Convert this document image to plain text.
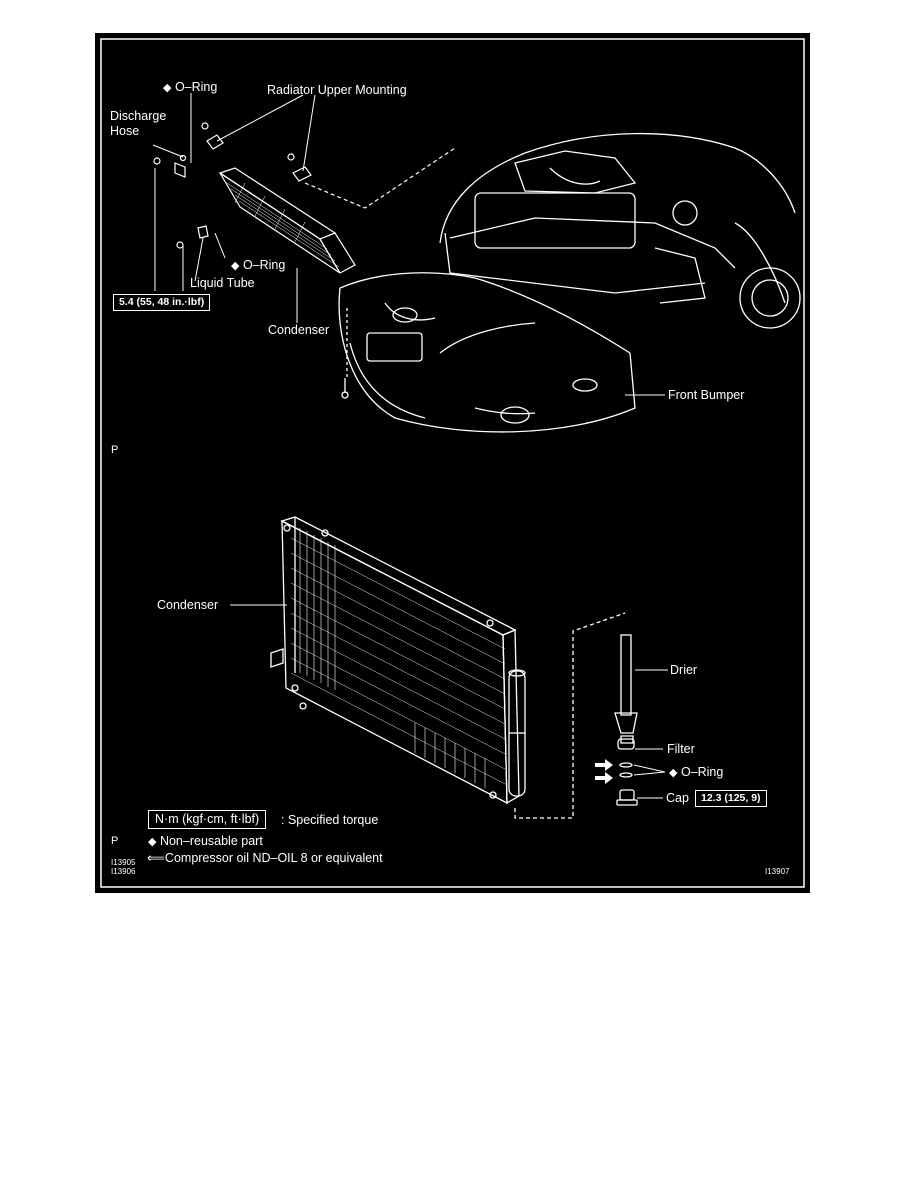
◆ O–Ring	Radiator Upper Mounting
Discharge
Hose
◆ O–Ring
Liquid Tube
5.4 (55, 48 in.·lbf)
Condenser
Front Bumper
P
Condenser
Drier
Filter
◆ O–Ring
Cap	12.3 (125, 9)
N·m (kgf·cm, ft·lbf)	: Specified torque
P	◆ Non–reusable part
⟸Compressor oil ND–OIL 8 or equivalent
I13905
I13906	I13907
